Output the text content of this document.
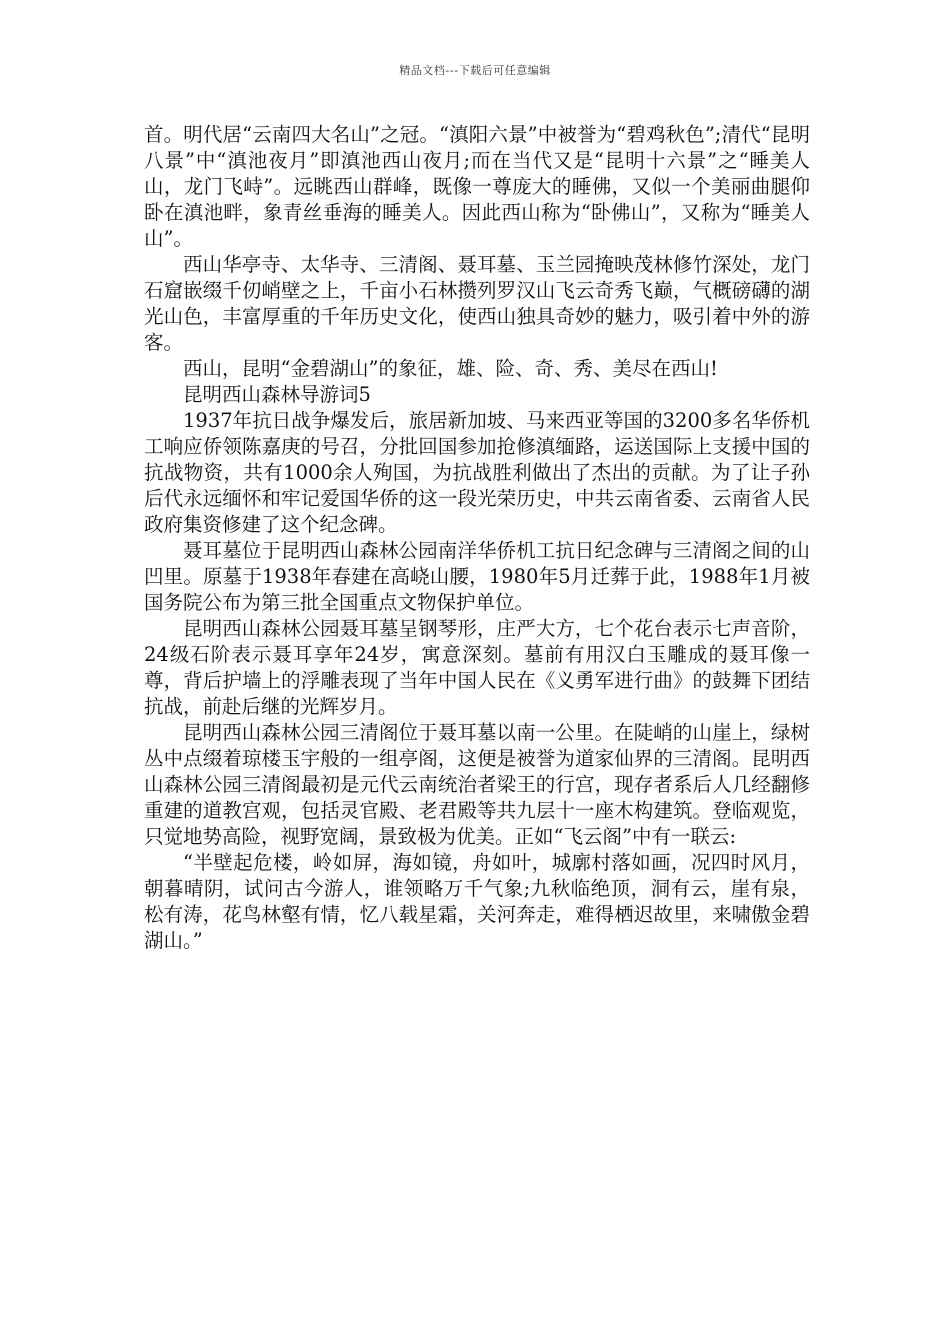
精品文档---下载后可任意编辑

首。明代居“云南四大名山”之冠。“滇阳六景”中被誉为“碧鸡秋色”;清代“昆明八景”中“滇池夜月”即滇池西山夜月;而在当代又是“昆明十六景”之“睡美人山，龙门飞峙”。远眺西山群峰，既像一尊庞大的睡佛，又似一个美丽曲腿仰卧在滇池畔，象青丝垂海的睡美人。因此西山称为“卧佛山”，又称为“睡美人山”。

西山华亭寺、太华寺、三清阁、聂耳墓、玉兰园掩映茂林修竹深处，龙门石窟嵌缀千仞峭壁之上，千亩小石林攒列罗汉山飞云奇秀飞巅，气概磅礴的湖光山色，丰富厚重的千年历史文化，使西山独具奇妙的魅力，吸引着中外的游客。

西山，昆明“金碧湖山”的象征，雄、险、奇、秀、美尽在西山!

昆明西山森林导游词5

1937年抗日战争爆发后，旅居新加坡、马来西亚等国的3200多名华侨机工响应侨领陈嘉庚的号召，分批回国参加抢修滇缅路，运送国际上支援中国的抗战物资，共有1000余人殉国，为抗战胜利做出了杰出的贡献。为了让子孙后代永远缅怀和牢记爱国华侨的这一段光荣历史，中共云南省委、云南省人民政府集资修建了这个纪念碑。

聂耳墓位于昆明西山森林公园南洋华侨机工抗日纪念碑与三清阁之间的山凹里。原墓于1938年春建在高峣山腰，1980年5月迁葬于此，1988年1月被国务院公布为第三批全国重点文物保护单位。

昆明西山森林公园聂耳墓呈钢琴形，庄严大方，七个花台表示七声音阶，24级石阶表示聂耳享年24岁，寓意深刻。墓前有用汉白玉雕成的聂耳像一尊，背后护墙上的浮雕表现了当年中国人民在《义勇军进行曲》的鼓舞下团结抗战，前赴后继的光辉岁月。

昆明西山森林公园三清阁位于聂耳墓以南一公里。在陡峭的山崖上，绿树丛中点缀着琼楼玉宇般的一组亭阁，这便是被誉为道家仙界的三清阁。昆明西山森林公园三清阁最初是元代云南统治者梁王的行宫，现存者系后人几经翻修重建的道教宫观，包括灵官殿、老君殿等共九层十一座木构建筑。登临观览，只觉地势高险，视野宽阔，景致极为优美。正如“飞云阁”中有一联云:

“半壁起危楼，岭如屏，海如镜，舟如叶，城廓村落如画，况四时风月，朝暮晴阴，试问古今游人，谁领略万千气象;九秋临绝顶，洞有云，崖有泉，松有涛，花鸟林壑有情，忆八载星霜，关河奔走，难得栖迟故里，来啸傲金碧湖山。”
